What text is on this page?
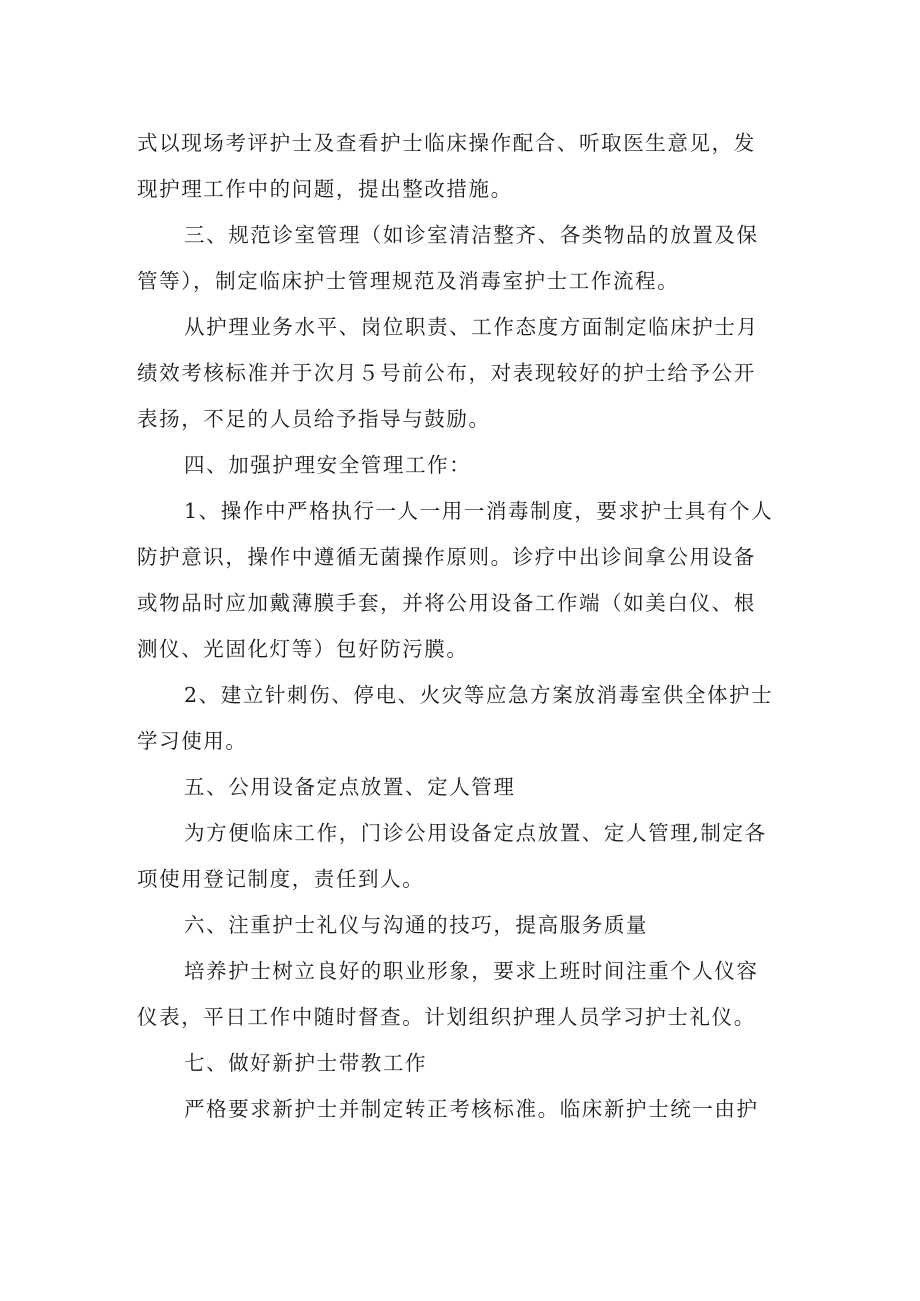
式以现场考评护士及查看护士临床操作配合、听取医生意见，发
现护理工作中的问题，提出整改措施。
三、规范诊室管理（如诊室清洁整齐、各类物品的放置及保
管等），制定临床护士管理规范及消毒室护士工作流程。
从护理业务水平、岗位职责、工作态度方面制定临床护士月
绩效考核标准并于次月５号前公布，对表现较好的护士给予公开
表扬，不足的人员给予指导与鼓励。
四、加强护理安全管理工作：
1、操作中严格执行一人一用一消毒制度，要求护士具有个人
防护意识，操作中遵循无菌操作原则。诊疗中出诊间拿公用设备
或物品时应加戴薄膜手套，并将公用设备工作端（如美白仪、根
测仪、光固化灯等）包好防污膜。
2、建立针刺伤、停电、火灾等应急方案放消毒室供全体护士
学习使用。
五、公用设备定点放置、定人管理
为方便临床工作，门诊公用设备定点放置、定人管理,制定各
项使用登记制度，责任到人。
六、注重护士礼仪与沟通的技巧，提高服务质量
培养护士树立良好的职业形象，要求上班时间注重个人仪容
仪表，平日工作中随时督查。计划组织护理人员学习护士礼仪。
七、做好新护士带教工作
严格要求新护士并制定转正考核标准。临床新护士统一由护
